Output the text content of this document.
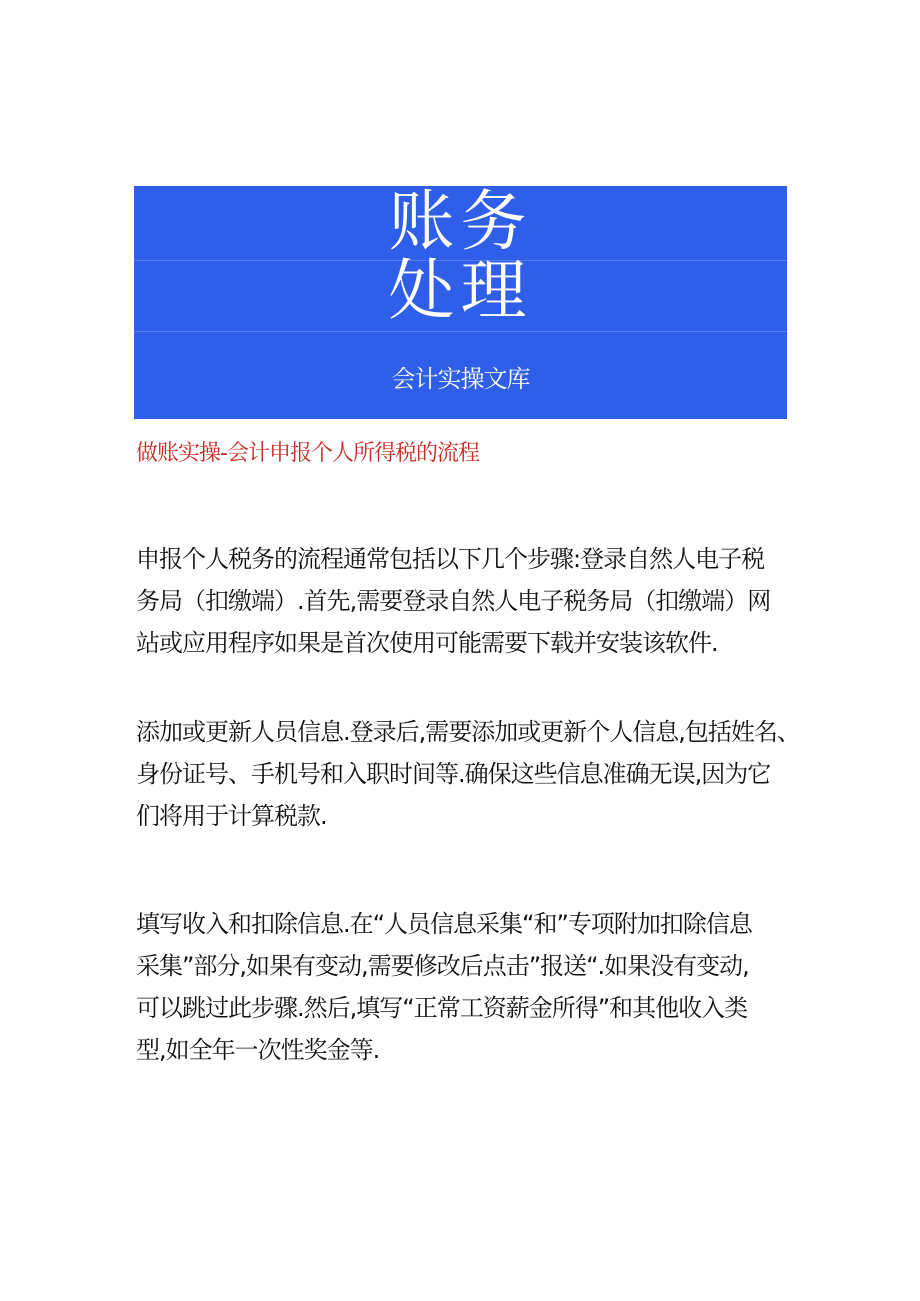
账务
处理
会计实操文库
做账实操-会计申报个人所得税的流程
申报个人税务的流程通常包括以下几个步骤:登录自然人电子税
务局（扣缴端）.首先,需要登录自然人电子税务局（扣缴端）网
站或应用程序如果是首次使用可能需要下载并安装该软件.
添加或更新人员信息.登录后,需要添加或更新个人信息,包括姓名、
身份证号、手机号和入职时间等.确保这些信息准确无误,因为它
们将用于计算税款.
填写收入和扣除信息.在“人员信息采集“和”专项附加扣除信息
采集”部分,如果有变动,需要修改后点击”报送“.如果没有变动,
可以跳过此步骤.然后,填写“正常工资薪金所得”和其他收入类
型,如全年一次性奖金等.
